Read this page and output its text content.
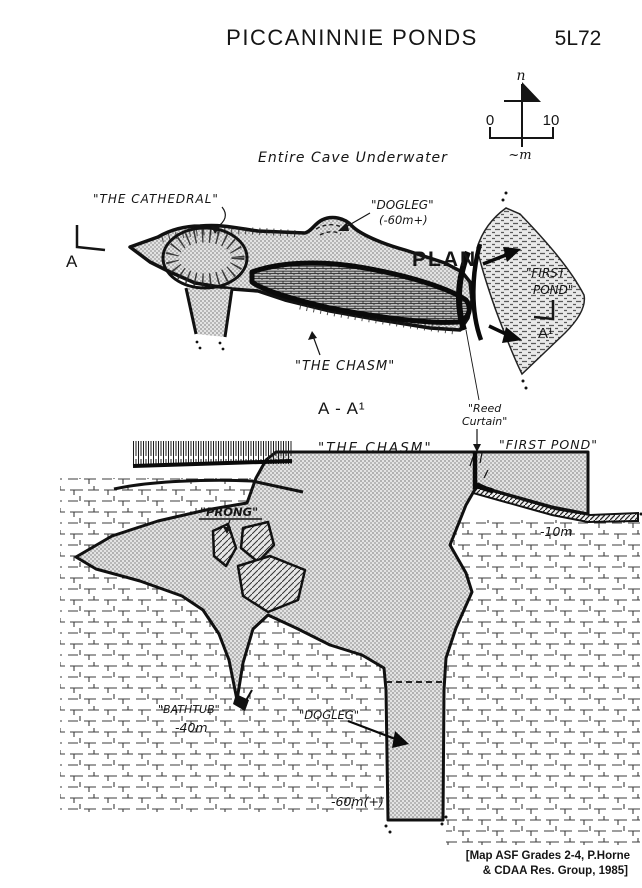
PICCANINNIE PONDS	5L72
n
0	10
~m
Entire Cave Underwater
A
A¹
"THE CATHEDRAL"	"DOGLEG"
(-60m+)
PLAN
"FIRST
POND"
"THE CHASM"
A - A¹	"Reed
Curtain"
"THE CHASM"	"FIRST POND"
"PRONG"
"BATHTUB"
-40m
"DOGLEG"
-60m(+)
-10m
[Map ASF Grades 2-4, P.Horne
& CDAA Res. Group, 1985]
